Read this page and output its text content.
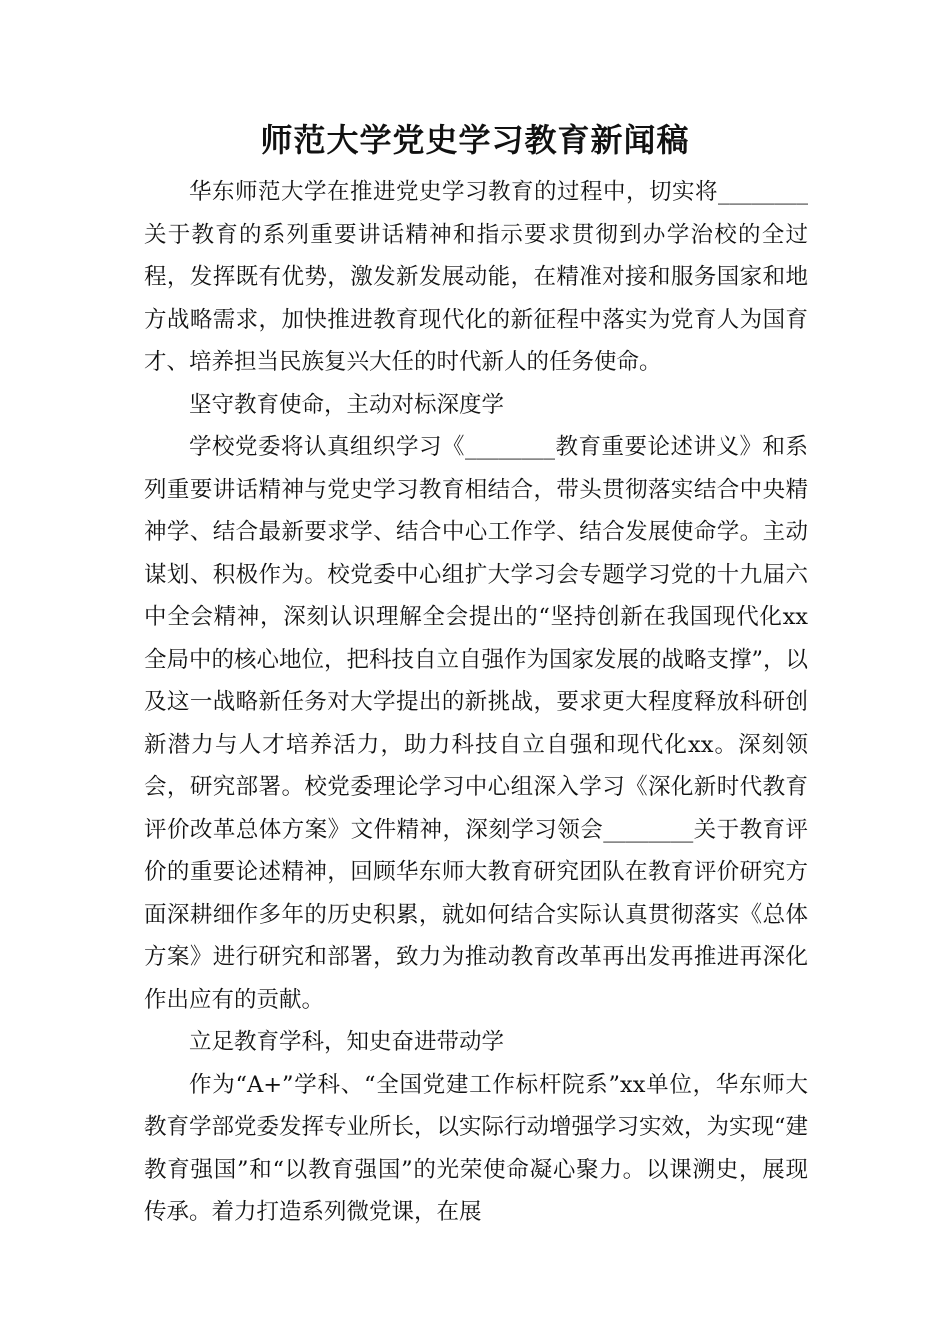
师范大学党史学习教育新闻稿

华东师范大学在推进党史学习教育的过程中，切实将________关于教育的系列重要讲话精神和指示要求贯彻到办学治校的全过程，发挥既有优势，激发新发展动能，在精准对接和服务国家和地方战略需求，加快推进教育现代化的新征程中落实为党育人为国育才、培养担当民族复兴大任的时代新人的任务使命。

坚守教育使命，主动对标深度学

学校党委将认真组织学习《________教育重要论述讲义》和系列重要讲话精神与党史学习教育相结合，带头贯彻落实结合中央精神学、结合最新要求学、结合中心工作学、结合发展使命学。主动谋划、积极作为。校党委中心组扩大学习会专题学习党的十九届六中全会精神，深刻认识理解全会提出的“坚持创新在我国现代化xx全局中的核心地位，把科技自立自强作为国家发展的战略支撑”，以及这一战略新任务对大学提出的新挑战，要求更大程度释放科研创新潜力与人才培养活力，助力科技自立自强和现代化xx。深刻领会，研究部署。校党委理论学习中心组深入学习《深化新时代教育评价改革总体方案》文件精神，深刻学习领会________关于教育评价的重要论述精神，回顾华东师大教育研究团队在教育评价研究方面深耕细作多年的历史积累，就如何结合实际认真贯彻落实《总体方案》进行研究和部署，致力为推动教育改革再出发再推进再深化作出应有的贡献。

立足教育学科，知史奋进带动学

作为“A+”学科、“全国党建工作标杆院系”xx单位，华东师大教育学部党委发挥专业所长，以实际行动增强学习实效，为实现“建教育强国”和“以教育强国”的光荣使命凝心聚力。以课溯史，展现传承。着力打造系列微党课，在展
